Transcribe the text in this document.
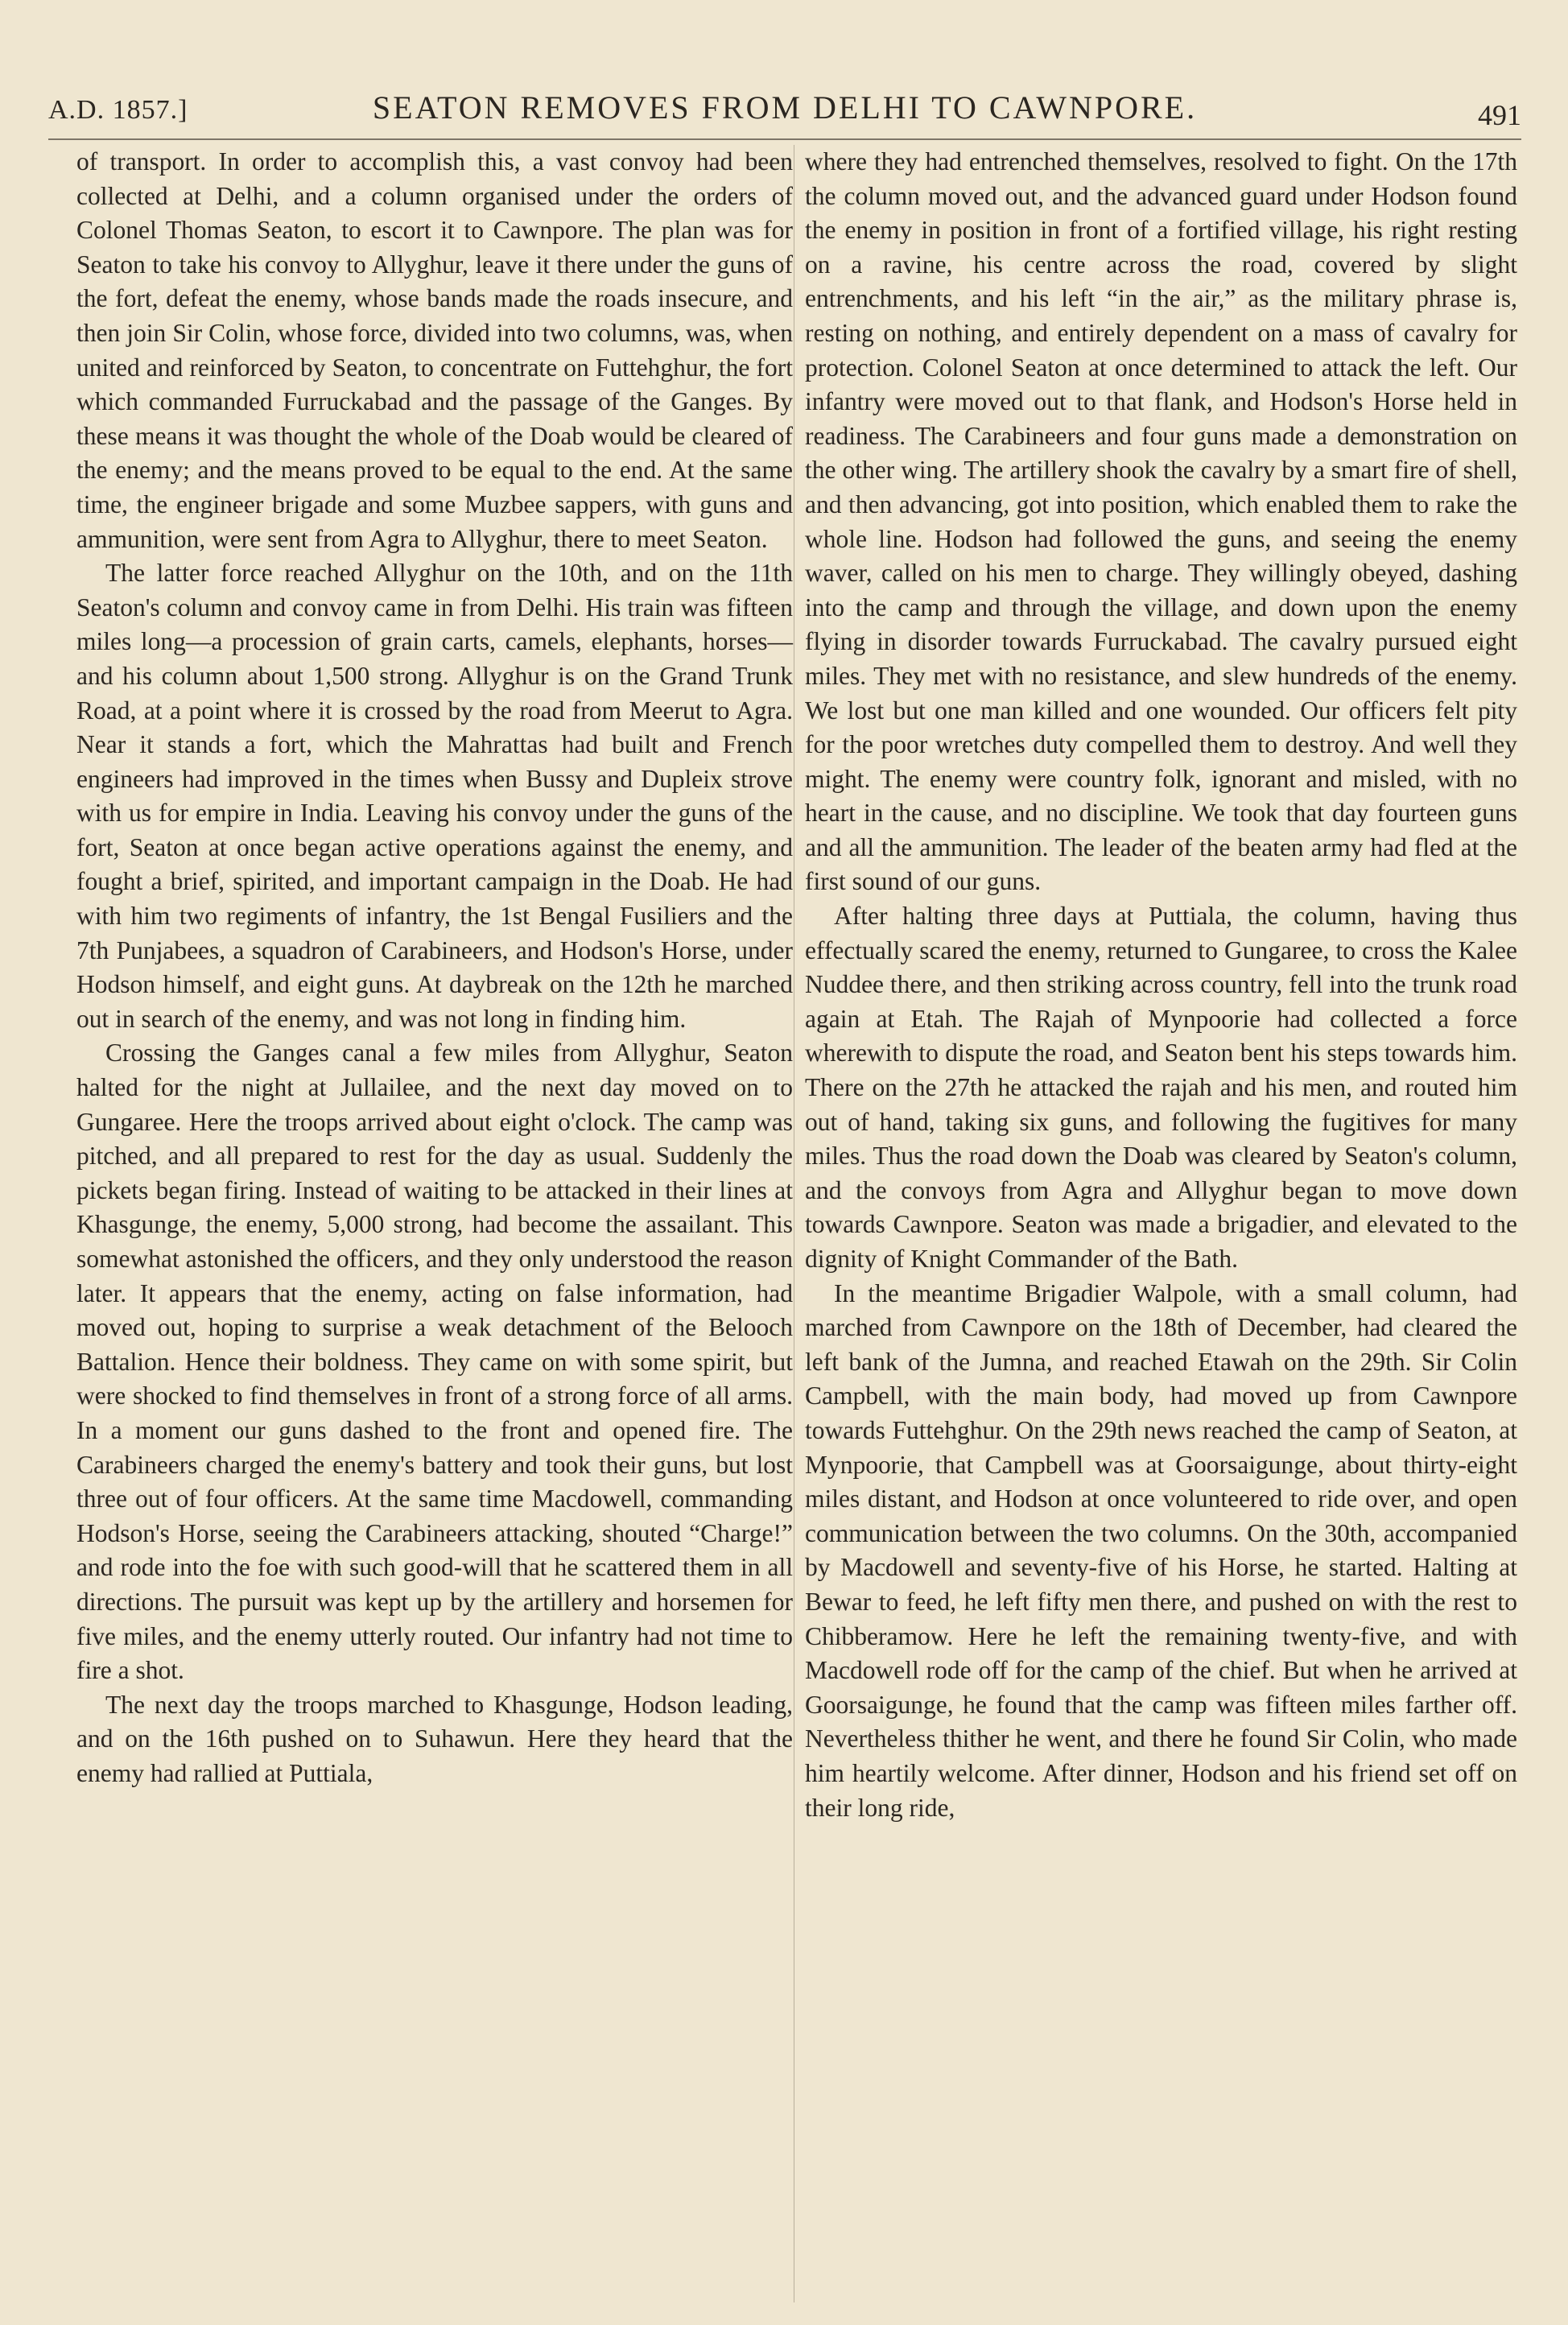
A.D. 1857.]	SEATON REMOVES FROM DELHI TO CAWNPORE.	491

of transport. In order to accomplish this, a vast convoy had been collected at Delhi, and a column organised under the orders of Colonel Thomas Seaton, to escort it to Cawnpore. The plan was for Seaton to take his convoy to Allyghur, leave it there under the guns of the fort, defeat the enemy, whose bands made the roads insecure, and then join Sir Colin, whose force, divided into two columns, was, when united and reinforced by Seaton, to concentrate on Futtehghur, the fort which commanded Furruckabad and the passage of the Ganges. By these means it was thought the whole of the Doab would be cleared of the enemy; and the means proved to be equal to the end. At the same time, the engineer brigade and some Muzbee sappers, with guns and ammunition, were sent from Agra to Allyghur, there to meet Seaton.

The latter force reached Allyghur on the 10th, and on the 11th Seaton's column and convoy came in from Delhi. His train was fifteen miles long—a procession of grain carts, camels, elephants, horses—and his column about 1,500 strong. Allyghur is on the Grand Trunk Road, at a point where it is crossed by the road from Meerut to Agra. Near it stands a fort, which the Mahrattas had built and French engineers had improved in the times when Bussy and Dupleix strove with us for empire in India. Leaving his convoy under the guns of the fort, Seaton at once began active operations against the enemy, and fought a brief, spirited, and important campaign in the Doab. He had with him two regiments of infantry, the 1st Bengal Fusiliers and the 7th Punjabees, a squadron of Carabineers, and Hodson's Horse, under Hodson himself, and eight guns. At daybreak on the 12th he marched out in search of the enemy, and was not long in finding him.

Crossing the Ganges canal a few miles from Allyghur, Seaton halted for the night at Jullailee, and the next day moved on to Gungaree. Here the troops arrived about eight o'clock. The camp was pitched, and all prepared to rest for the day as usual. Suddenly the pickets began firing. Instead of waiting to be attacked in their lines at Khasgunge, the enemy, 5,000 strong, had become the assailant. This somewhat astonished the officers, and they only understood the reason later. It appears that the enemy, acting on false information, had moved out, hoping to surprise a weak detachment of the Belooch Battalion. Hence their boldness. They came on with some spirit, but were shocked to find themselves in front of a strong force of all arms. In a moment our guns dashed to the front and opened fire. The Carabineers charged the enemy's battery and took their guns, but lost three out of four officers. At the same time Macdowell, commanding Hodson's Horse, seeing the Carabineers attacking, shouted “Charge!” and rode into the foe with such good-will that he scattered them in all directions. The pursuit was kept up by the artillery and horsemen for five miles, and the enemy utterly routed. Our infantry had not time to fire a shot.

The next day the troops marched to Khasgunge, Hodson leading, and on the 16th pushed on to Suhawun. Here they heard that the enemy had rallied at Puttiala,

where they had entrenched themselves, resolved to fight. On the 17th the column moved out, and the advanced guard under Hodson found the enemy in position in front of a fortified village, his right resting on a ravine, his centre across the road, covered by slight entrenchments, and his left “in the air,” as the military phrase is, resting on nothing, and entirely dependent on a mass of cavalry for protection. Colonel Seaton at once determined to attack the left. Our infantry were moved out to that flank, and Hodson's Horse held in readiness. The Carabineers and four guns made a demonstration on the other wing. The artillery shook the cavalry by a smart fire of shell, and then advancing, got into position, which enabled them to rake the whole line. Hodson had followed the guns, and seeing the enemy waver, called on his men to charge. They willingly obeyed, dashing into the camp and through the village, and down upon the enemy flying in disorder towards Furruckabad. The cavalry pursued eight miles. They met with no resistance, and slew hundreds of the enemy. We lost but one man killed and one wounded. Our officers felt pity for the poor wretches duty compelled them to destroy. And well they might. The enemy were country folk, ignorant and misled, with no heart in the cause, and no discipline. We took that day fourteen guns and all the ammunition. The leader of the beaten army had fled at the first sound of our guns.

After halting three days at Puttiala, the column, having thus effectually scared the enemy, returned to Gungaree, to cross the Kalee Nuddee there, and then striking across country, fell into the trunk road again at Etah. The Rajah of Mynpoorie had collected a force wherewith to dispute the road, and Seaton bent his steps towards him. There on the 27th he attacked the rajah and his men, and routed him out of hand, taking six guns, and following the fugitives for many miles. Thus the road down the Doab was cleared by Seaton's column, and the convoys from Agra and Allyghur began to move down towards Cawnpore. Seaton was made a brigadier, and elevated to the dignity of Knight Commander of the Bath.

In the meantime Brigadier Walpole, with a small column, had marched from Cawnpore on the 18th of December, had cleared the left bank of the Jumna, and reached Etawah on the 29th. Sir Colin Campbell, with the main body, had moved up from Cawnpore towards Futtehghur. On the 29th news reached the camp of Seaton, at Mynpoorie, that Campbell was at Goorsaigunge, about thirty-eight miles distant, and Hodson at once volunteered to ride over, and open communication between the two columns. On the 30th, accompanied by Macdowell and seventy-five of his Horse, he started. Halting at Bewar to feed, he left fifty men there, and pushed on with the rest to Chibberamow. Here he left the remaining twenty-five, and with Macdowell rode off for the camp of the chief. But when he arrived at Goorsaigunge, he found that the camp was fifteen miles farther off. Nevertheless thither he went, and there he found Sir Colin, who made him heartily welcome. After dinner, Hodson and his friend set off on their long ride,
